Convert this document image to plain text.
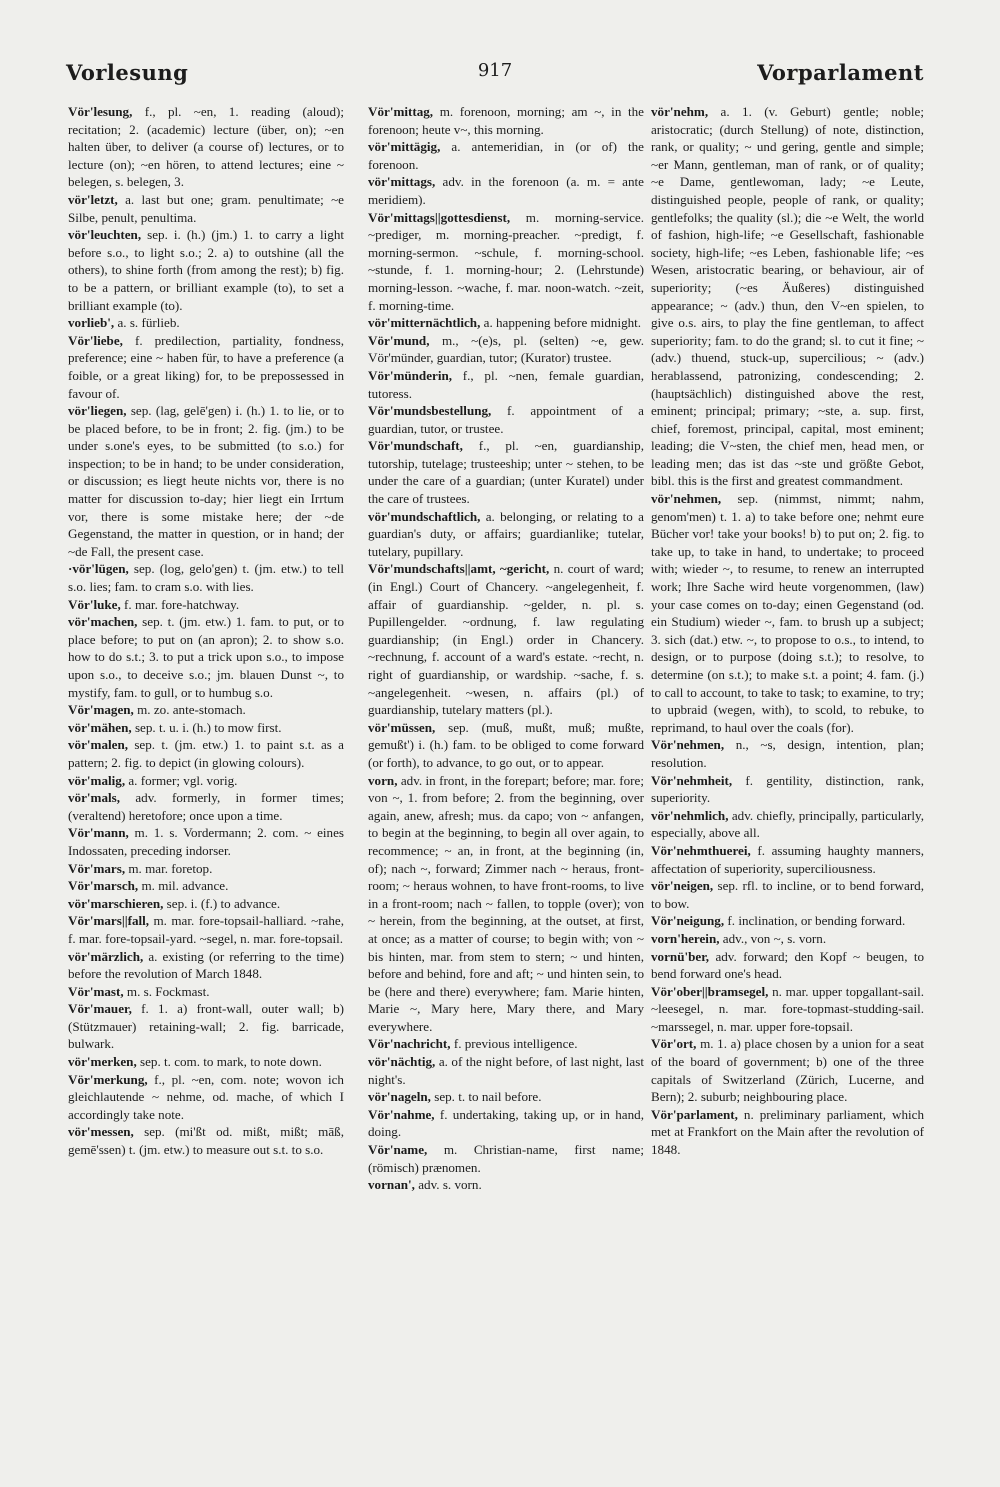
Vorlesung	917	Vorparlament

Vör'lesung, f., pl. ~en, 1. reading (aloud); recitation; 2. (academic) lecture (über, on); ~en halten über, to deliver (a course of) lectures, or to lecture (on); ~en hören, to attend lectures; eine ~ belegen, s. belegen, 3.

vör'letzt, a. last but one; gram. penultimate; ~e Silbe, penult, penultima.

vör'leuchten, sep. i. (h.) (jm.) 1. to carry a light before s.o., to light s.o.; 2. a) to outshine (all the others), to shine forth (from among the rest); b) fig. to be a pattern, or brilliant example (to), to set a brilliant example (to).

vorlieb', a. s. fürlieb.

Vör'liebe, f. predilection, partiality, fondness, preference; eine ~ haben für, to have a preference (a foible, or a great liking) for, to be prepossessed in favour of.

vör'liegen, sep. (lag, gelē'gen) i. (h.) 1. to lie, or to be placed before, to be in front; 2. fig. (jm.) to be under s.one's eyes, to be submitted (to s.o.) for inspection; to be in hand; to be under consideration, or discussion; es liegt heute nichts vor, there is no matter for discussion to-day; hier liegt ein Irrtum vor, there is some mistake here; der ~de Gegenstand, the matter in question, or in hand; der ~de Fall, the present case.

·vör'lügen, sep. (log, gelo'gen) t. (jm. etw.) to tell s.o. lies; fam. to cram s.o. with lies.

Vör'luke, f. mar. fore-hatchway.

vör'machen, sep. t. (jm. etw.) 1. fam. to put, or to place before; to put on (an apron); 2. to show s.o. how to do s.t.; 3. to put a trick upon s.o., to impose upon s.o., to deceive s.o.; jm. blauen Dunst ~, to mystify, fam. to gull, or to humbug s.o.

Vör'magen, m. zo. ante-stomach.

vör'mähen, sep. t. u. i. (h.) to mow first.

vör'malen, sep. t. (jm. etw.) 1. to paint s.t. as a pattern; 2. fig. to depict (in glowing colours).

vör'malig, a. former; vgl. vorig.

vör'mals, adv. formerly, in former times; (veraltend) heretofore; once upon a time.

Vör'mann, m. 1. s. Vordermann; 2. com. ~ eines Indossaten, preceding indorser.

Vör'mars, m. mar. foretop.

Vör'marsch, m. mil. advance.

vör'marschieren, sep. i. (f.) to advance.

Vör'mars||fall, m. mar. fore-topsail-halliard. ~rahe, f. mar. fore-topsail-yard. ~segel, n. mar. fore-topsail.

vör'märzlich, a. existing (or referring to the time) before the revolution of March 1848.

Vör'mast, m. s. Fockmast.

Vör'mauer, f. 1. a) front-wall, outer wall; b) (Stützmauer) retaining-wall; 2. fig. barricade, bulwark.

vör'merken, sep. t. com. to mark, to note down.

Vör'merkung, f., pl. ~en, com. note; wovon ich gleichlautende ~ nehme, od. mache, of which I accordingly take note.

vör'messen, sep. (mi'ßt od. mißt, mißt; māß, gemē'ssen) t. (jm. etw.) to measure out s.t. to s.o.

Vör'mittag, m. forenoon, morning; am ~, in the forenoon; heute v~, this morning.

vör'mittägig, a. antemeridian, in (or of) the forenoon.

vör'mittags, adv. in the forenoon (a. m. = ante meridiem).

Vör'mittags||gottesdienst, m. morning-service. ~prediger, m. morning-preacher. ~predigt, f. morning-sermon. ~schule, f. morning-school. ~stunde, f. 1. morning-hour; 2. (Lehrstunde) morning-lesson. ~wache, f. mar. noon-watch. ~zeit, f. morning-time.

vör'mitternächtlich, a. happening before midnight.

Vör'mund, m., ~(e)s, pl. (selten) ~e, gew. Vör'münder, guardian, tutor; (Kurator) trustee.

Vör'münderin, f., pl. ~nen, female guardian, tutoress.

Vör'mundsbestellung, f. appointment of a guardian, tutor, or trustee.

Vör'mundschaft, f., pl. ~en, guardianship, tutorship, tutelage; trusteeship; unter ~ stehen, to be under the care of a guardian; (unter Kuratel) under the care of trustees.

vör'mundschaftlich, a. belonging, or relating to a guardian's duty, or affairs; guardianlike; tutelar, tutelary, pupillary.

Vör'mundschafts||amt, ~gericht, n. court of ward; (in Engl.) Court of Chancery. ~angelegenheit, f. affair of guardianship. ~gelder, n. pl. s. Pupillengelder. ~ordnung, f. law regulating guardianship; (in Engl.) order in Chancery. ~rechnung, f. account of a ward's estate. ~recht, n. right of guardianship, or wardship. ~sache, f. s. ~angelegenheit. ~wesen, n. affairs (pl.) of guardianship, tutelary matters (pl.).

vör'müssen, sep. (muß, mußt, muß; mußte, gemußt') i. (h.) fam. to be obliged to come forward (or forth), to advance, to go out, or to appear.

vorn, adv. in front, in the forepart; before; mar. fore; von ~, 1. from before; 2. from the beginning, over again, anew, afresh; mus. da capo; von ~ anfangen, to begin at the beginning, to begin all over again, to recommence; ~ an, in front, at the beginning (in, of); nach ~, forward; Zimmer nach ~ heraus, front-room; ~ heraus wohnen, to have front-rooms, to live in a front-room; nach ~ fallen, to topple (over); von ~ herein, from the beginning, at the outset, at first, at once; as a matter of course; to begin with; von ~ bis hinten, mar. from stem to stern; ~ und hinten, before and behind, fore and aft; ~ und hinten sein, to be (here and there) everywhere; fam. Marie hinten, Marie ~, Mary here, Mary there, and Mary everywhere.

Vör'nachricht, f. previous intelligence.

vör'nächtig, a. of the night before, of last night, last night's.

vör'nageln, sep. t. to nail before.

Vör'nahme, f. undertaking, taking up, or in hand, doing.

Vör'name, m. Christian-name, first name; (römisch) prænomen.

vornan', adv. s. vorn.

vör'nehm, a. 1. (v. Geburt) gentle; noble; aristocratic; (durch Stellung) of note, distinction, rank, or quality; ~ und gering, gentle and simple; ~er Mann, gentleman, man of rank, or of quality; ~e Dame, gentlewoman, lady; ~e Leute, distinguished people, people of rank, or quality; gentlefolks; the quality (sl.); die ~e Welt, the world of fashion, high-life; ~e Gesellschaft, fashionable society, high-life; ~es Leben, fashionable life; ~es Wesen, aristocratic bearing, or behaviour, air of superiority; (~es Äußeres) distinguished appearance; ~ (adv.) thun, den V~en spielen, to give o.s. airs, to play the fine gentleman, to affect superiority; fam. to do the grand; sl. to cut it fine; ~ (adv.) thuend, stuck-up, supercilious; ~ (adv.) herablassend, patronizing, condescending; 2. (hauptsächlich) distinguished above the rest, eminent; principal; primary; ~ste, a. sup. first, chief, foremost, principal, capital, most eminent; leading; die V~sten, the chief men, head men, or leading men; das ist das ~ste und größte Gebot, bibl. this is the first and greatest commandment.

vör'nehmen, sep. (nimmst, nimmt; nahm, genom'men) t. 1. a) to take before one; nehmt eure Bücher vor! take your books! b) to put on; 2. fig. to take up, to take in hand, to undertake; to proceed with; wieder ~, to resume, to renew an interrupted work; Ihre Sache wird heute vorgenommen, (law) your case comes on to-day; einen Gegenstand (od. ein Studium) wieder ~, fam. to brush up a subject; 3. sich (dat.) etw. ~, to propose to o.s., to intend, to design, or to purpose (doing s.t.); to resolve, to determine (on s.t.); to make s.t. a point; 4. fam. (j.) to call to account, to take to task; to examine, to try; to upbraid (wegen, with), to scold, to rebuke, to reprimand, to haul over the coals (for).

Vör'nehmen, n., ~s, design, intention, plan; resolution.

Vör'nehmheit, f. gentility, distinction, rank, superiority.

vör'nehmlich, adv. chiefly, principally, particularly, especially, above all.

Vör'nehmthuerei, f. assuming haughty manners, affectation of superiority, superciliousness.

vör'neigen, sep. rfl. to incline, or to bend forward, to bow.

Vör'neigung, f. inclination, or bending forward.

vorn'herein, adv., von ~, s. vorn.

vornü'ber, adv. forward; den Kopf ~ beugen, to bend forward one's head.

Vör'ober||bramsegel, n. mar. upper topgallant-sail. ~leesegel, n. mar. fore-topmast-studding-sail. ~marssegel, n. mar. upper fore-topsail.

Vör'ort, m. 1. a) place chosen by a union for a seat of the board of government; b) one of the three capitals of Switzerland (Zürich, Lucerne, and Bern); 2. suburb; neighbouring place.

Vör'parlament, n. preliminary parliament, which met at Frankfort on the Main after the revolution of 1848.
